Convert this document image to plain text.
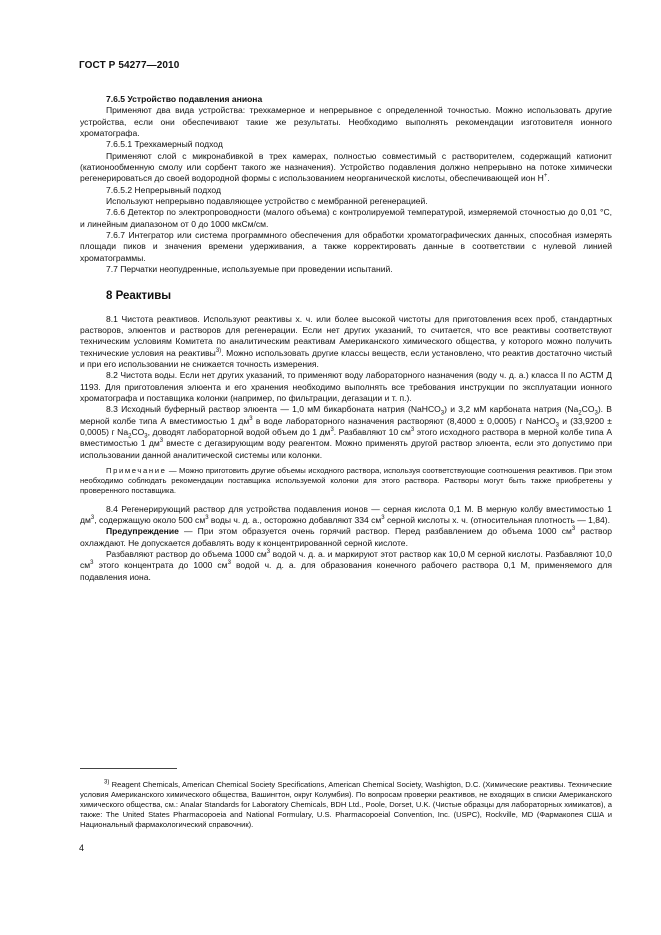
ГОСТ Р 54277—2010

7.6.5 Устройство подавления аниона

Применяют два вида устройства: трехкамерное и непрерывное с определенной точностью. Можно использовать другие устройства, если они обеспечивают такие же результаты. Необходимо выполнять рекомендации изготовителя ионного хроматографа.

7.6.5.1 Трехкамерный подход

Применяют слой с микронабивкой в трех камерах, полностью совместимый с растворителем, содержащий катионит (катионообменную смолу или сорбент такого же назначения). Устройство подавления должно непрерывно на потоке химически регенерироваться до своей водородной формы с использованием неорганической кислоты, обеспечивающей ион H+.

7.6.5.2 Непрерывный подход

Используют непрерывно подавляющее устройство с мембранной регенерацией.

7.6.6 Детектор по электропроводности (малого объема) с контролируемой температурой, измеряемой сточностью до 0,01 °С, и линейным диапазоном от 0 до 1000 мкСм/см.

7.6.7 Интегратор или система программного обеспечения для обработки хроматографических данных, способная измерять площади пиков и значения времени удерживания, а также корректировать данные в соответствии с нулевой линией хроматограммы.

7.7 Перчатки неопудренные, используемые при проведении испытаний.

8 Реактивы

8.1 Чистота реактивов. Используют реактивы х. ч. или более высокой чистоты для приготовления всех проб, стандартных растворов, элюентов и растворов для регенерации. Если нет других указаний, то считается, что все реактивы соответствуют техническим условиям Комитета по аналитическим реактивам Американского химического общества, у которого можно получить технические условия на реактивы$^{3)}$. Можно использовать другие классы веществ, если установлено, что реактив достаточно чистый и при его использовании не снижается точность измерения.

8.2 Чистота воды. Если нет других указаний, то применяют воду лабораторного назначения (воду ч. д. а.) класса II по АСТМ Д 1193. Для приготовления элюента и его хранения необходимо выполнять все требования инструкции по эксплуатации ионного хроматографа и поставщика колонки (например, по фильтрации, дегазации и т. п.).

8.3 Исходный буферный раствор элюента — 1,0 мМ бикарбоната натрия (NaHCO$_3$) и 3,2 мМ карбоната натрия $(Na_2CO_3)$. В мерной колбе типа А вместимостью 1 $дм^3$ в воде лабораторного назначения растворяют (8,4000 ± 0,0005) г NaHCO$_3$ и (33,9200 ± 0,0005) г $Na_2CO_3$, доводят лабораторной водой объем до 1 $дм^3$. Разбавляют 10 $см^3$ этого исходного раствора в мерной колбе типа А вместимостью 1 $дм^3$ вместе с дегазирующим воду реагентом. Можно применять другой раствор элюента, если это допустимо при использовании данной аналитической системы или колонки.

Примечание — Можно приготовить другие объемы исходного раствора, используя соответствующие соотношения реактивов. При этом необходимо соблюдать рекомендации поставщика используемой колонки для этого раствора. Растворы могут быть также приобретены у проверенного поставщика.

8.4 Регенерирующий раствор для устройства подавления ионов — серная кислота 0,1 М. В мерную колбу вместимостью 1 $дм^3$, содержащую около 500 $см^3$ воды ч. д. а., осторожно добавляют 334 $см^3$ серной кислоты х. ч. (относительная плотность — 1,84).

Предупреждение — При этом образуется очень горячий раствор. Перед разбавлением до объема 1000 $см^3$ раствор охлаждают. Не допускается добавлять воду к концентрированной серной кислоте.

Разбавляют раствор до объема 1000 $см^3$ водой ч. д. а. и маркируют этот раствор как 10,0 М серной кислоты. Разбавляют 10,0 $см^3$ этого концентрата до 1000 $см^3$ водой ч. д. а. для образования конечного рабочего раствора 0,1 М, применяемого для подавления иона.

$^{3)}$ Reagent Chemicals, American Chemical Society Specifications, American Chemical Society, Washigton, D.C. (Химические реактивы. Технические условия Американского химического общества, Вашингтон, округ Колумбия). По вопросам проверки реактивов, не входящих в списки Американского химического общества, см.: Analar Standards for Laboratory Chemicals, BDH Ltd., Poole, Dorset, U.K. (Чистые образцы для лабораторных химикатов), а также: The United States Pharmacopoeia and National Formulary, U.S. Pharmacopoeial Convention, Inc. (USPC), Rockville, MD (Фармакопея США и Национальный фармакологический справочник).

4
